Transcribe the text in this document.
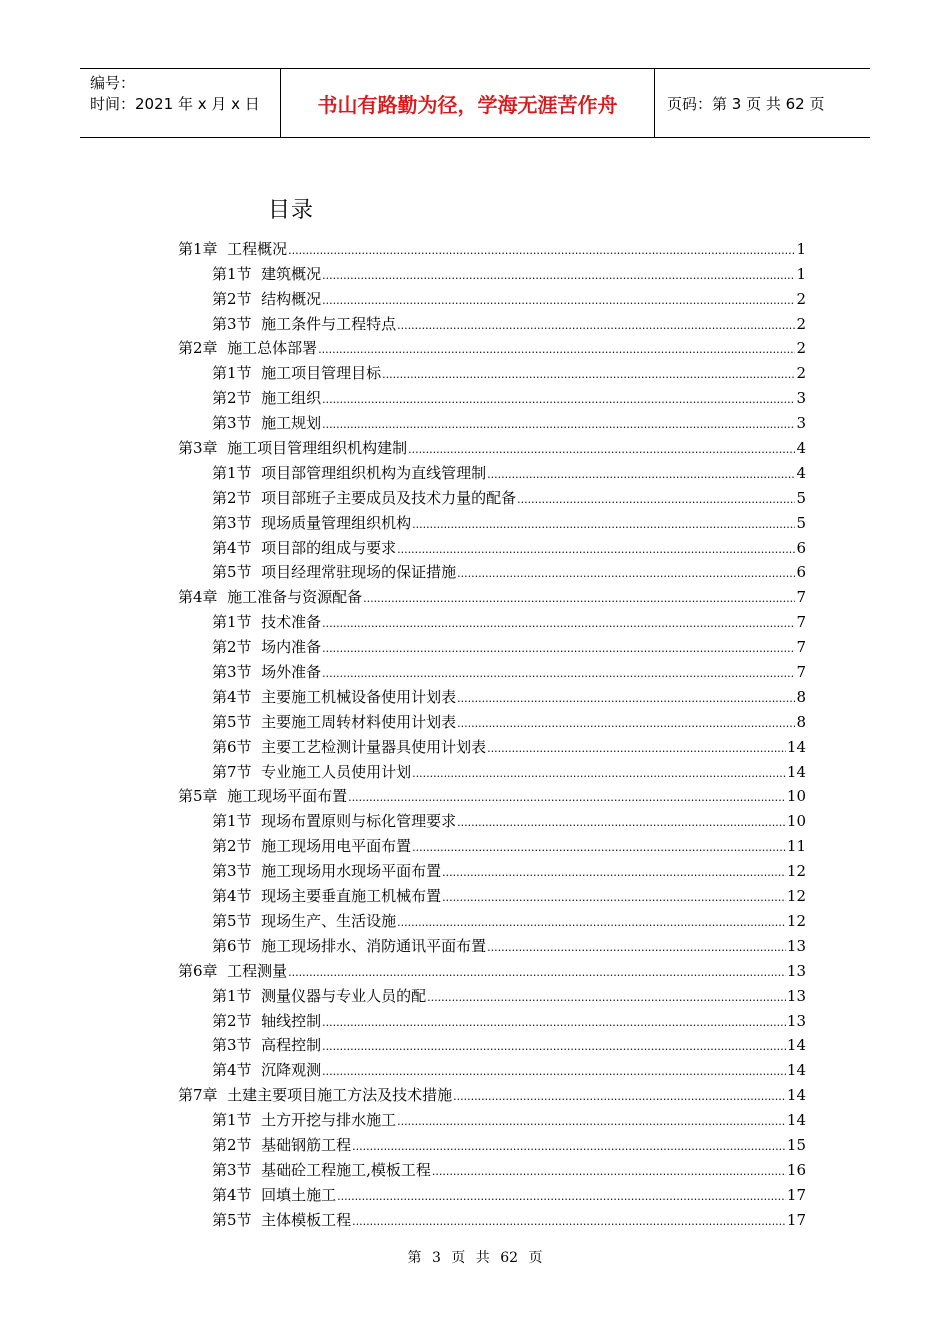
编号：
时间：2021 年 x 月 x 日	书山有路勤为径，学海无涯苦作舟	页码：第 3 页 共 62 页
目录
第1章  工程概况 .....	1
第1节  建筑概况 .....	1
第2节  结构概况 .....	2
第3节  施工条件与工程特点 .....	2
第2章  施工总体部署 .....	2
第1节  施工项目管理目标 .....	2
第2节  施工组织 .....	3
第3节  施工规划 .....	3
第3章  施工项目管理组织机构建制 .....	4
第1节  项目部管理组织机构为直线管理制 .....	4
第2节  项目部班子主要成员及技术力量的配备 .....	5
第3节  现场质量管理组织机构 .....	5
第4节  项目部的组成与要求 .....	6
第5节  项目经理常驻现场的保证措施 .....	6
第4章  施工准备与资源配备 .....	7
第1节  技术准备 .....	7
第2节  场内准备 .....	7
第3节  场外准备 .....	7
第4节  主要施工机械设备使用计划表 .....	8
第5节  主要施工周转材料使用计划表 .....	8
第6节  主要工艺检测计量器具使用计划表 .....	14
第7节  专业施工人员使用计划 .....	14
第5章  施工现场平面布置 .....	10
第1节  现场布置原则与标化管理要求 .....	10
第2节  施工现场用电平面布置 .....	11
第3节  施工现场用水现场平面布置 .....	12
第4节  现场主要垂直施工机械布置 .....	12
第5节  现场生产、生活设施 .....	12
第6节  施工现场排水、消防通讯平面布置 .....	13
第6章  工程测量 .....	13
第1节  测量仪器与专业人员的配 .....	13
第2节  轴线控制 .....	13
第3节  高程控制 .....	14
第4节  沉降观测 .....	14
第7章  土建主要项目施工方法及技术措施 .....	14
第1节  土方开挖与排水施工 .....	14
第2节  基础钢筋工程 .....	15
第3节  基础砼工程施工,模板工程 .....	16
第4节  回填土施工 .....	17
第5节  主体模板工程 .....	17
第 3 页 共 62 页
